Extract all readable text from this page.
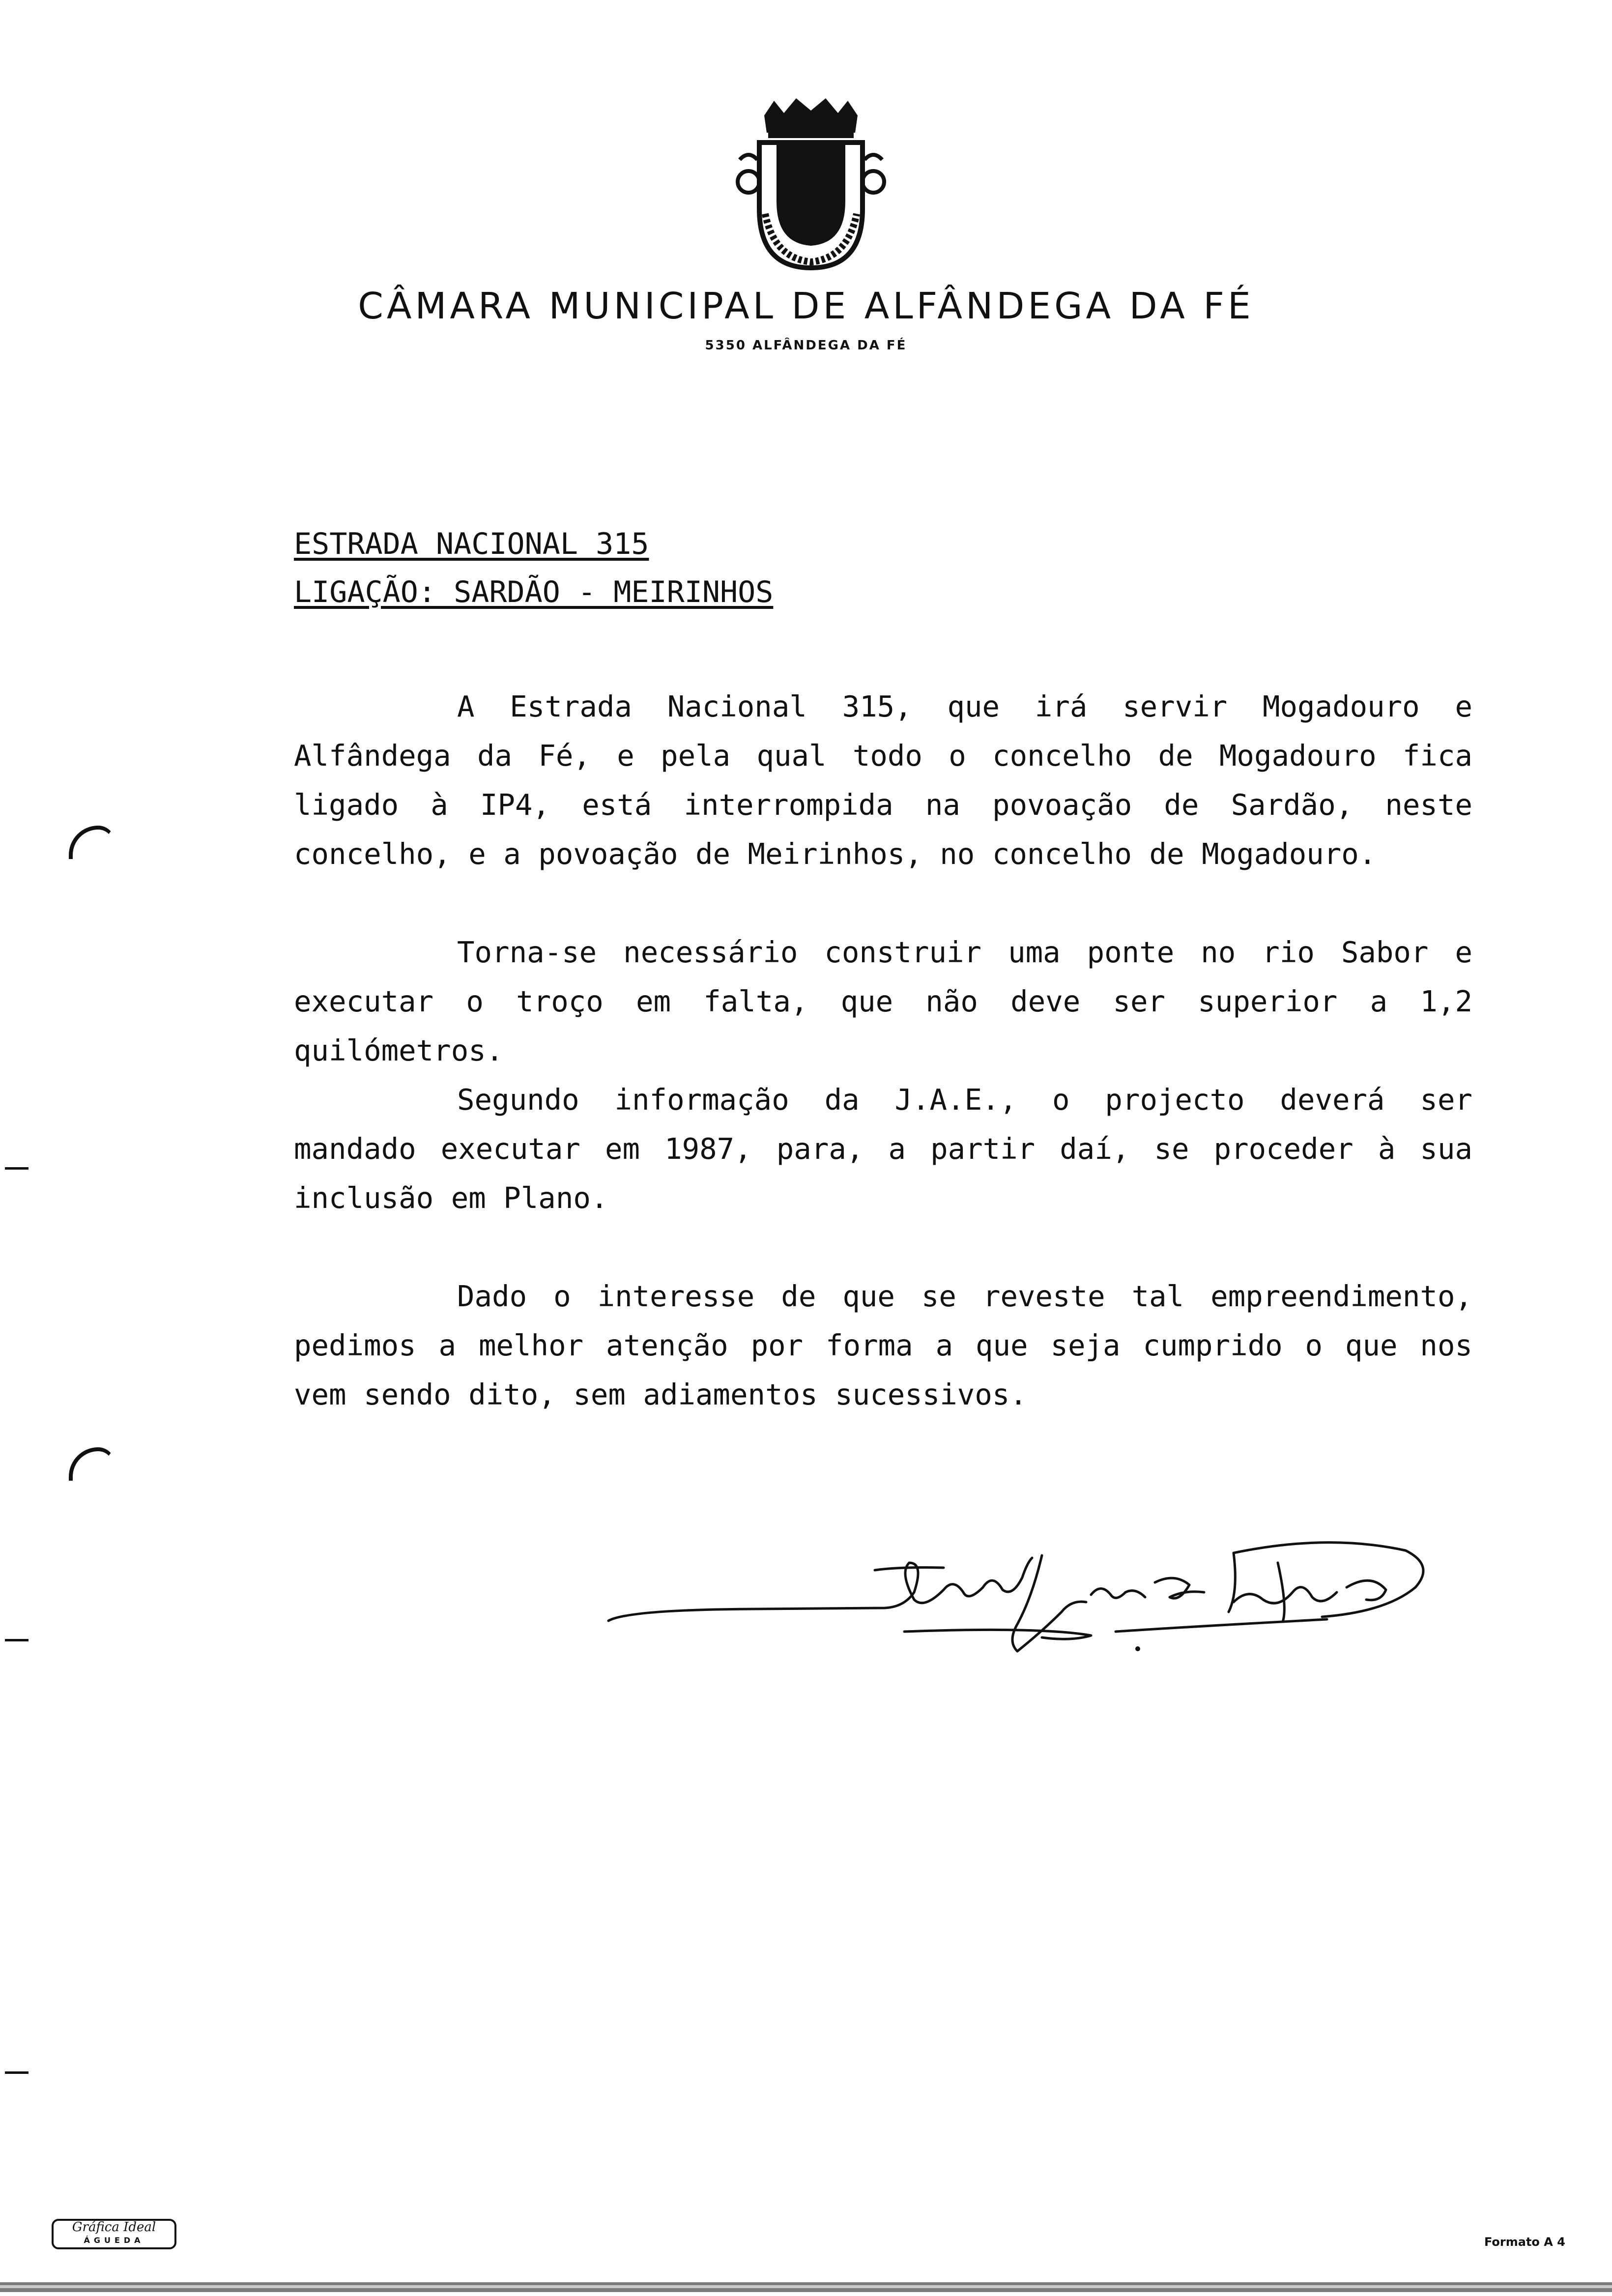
CÂMARA MUNICIPAL DE ALFÂNDEGA DA FÉ
5350 ALFÂNDEGA DA FÉ
ESTRADA NACIONAL 315
LIGAÇÃO: SARDÃO - MEIRINHOS

A Estrada Nacional 315, que irá servir Mogadouro e Alfândega da Fé, e pela qual todo o concelho de Mogadouro fica ligado à IP4, está interrompida na povoação de Sardão, neste concelho, e a povoação de Meirinhos, no concelho de Mogadouro.

Torna-se necessário construir uma ponte no rio Sabor e executar o troço em falta, que não deve ser superior a 1,2 quilómetros.

Segundo informação da J.A.E., o projecto deverá ser mandado executar em 1987, para, a partir daí, se proceder à sua inclusão em Plano.

Dado o interesse de que se reveste tal empreendimento, pedimos a melhor atenção por forma a que seja cumprido o que nos vem sendo dito, sem adiamentos sucessivos.

Gráfica Ideal
ÁGUEDA	Formato A 4
